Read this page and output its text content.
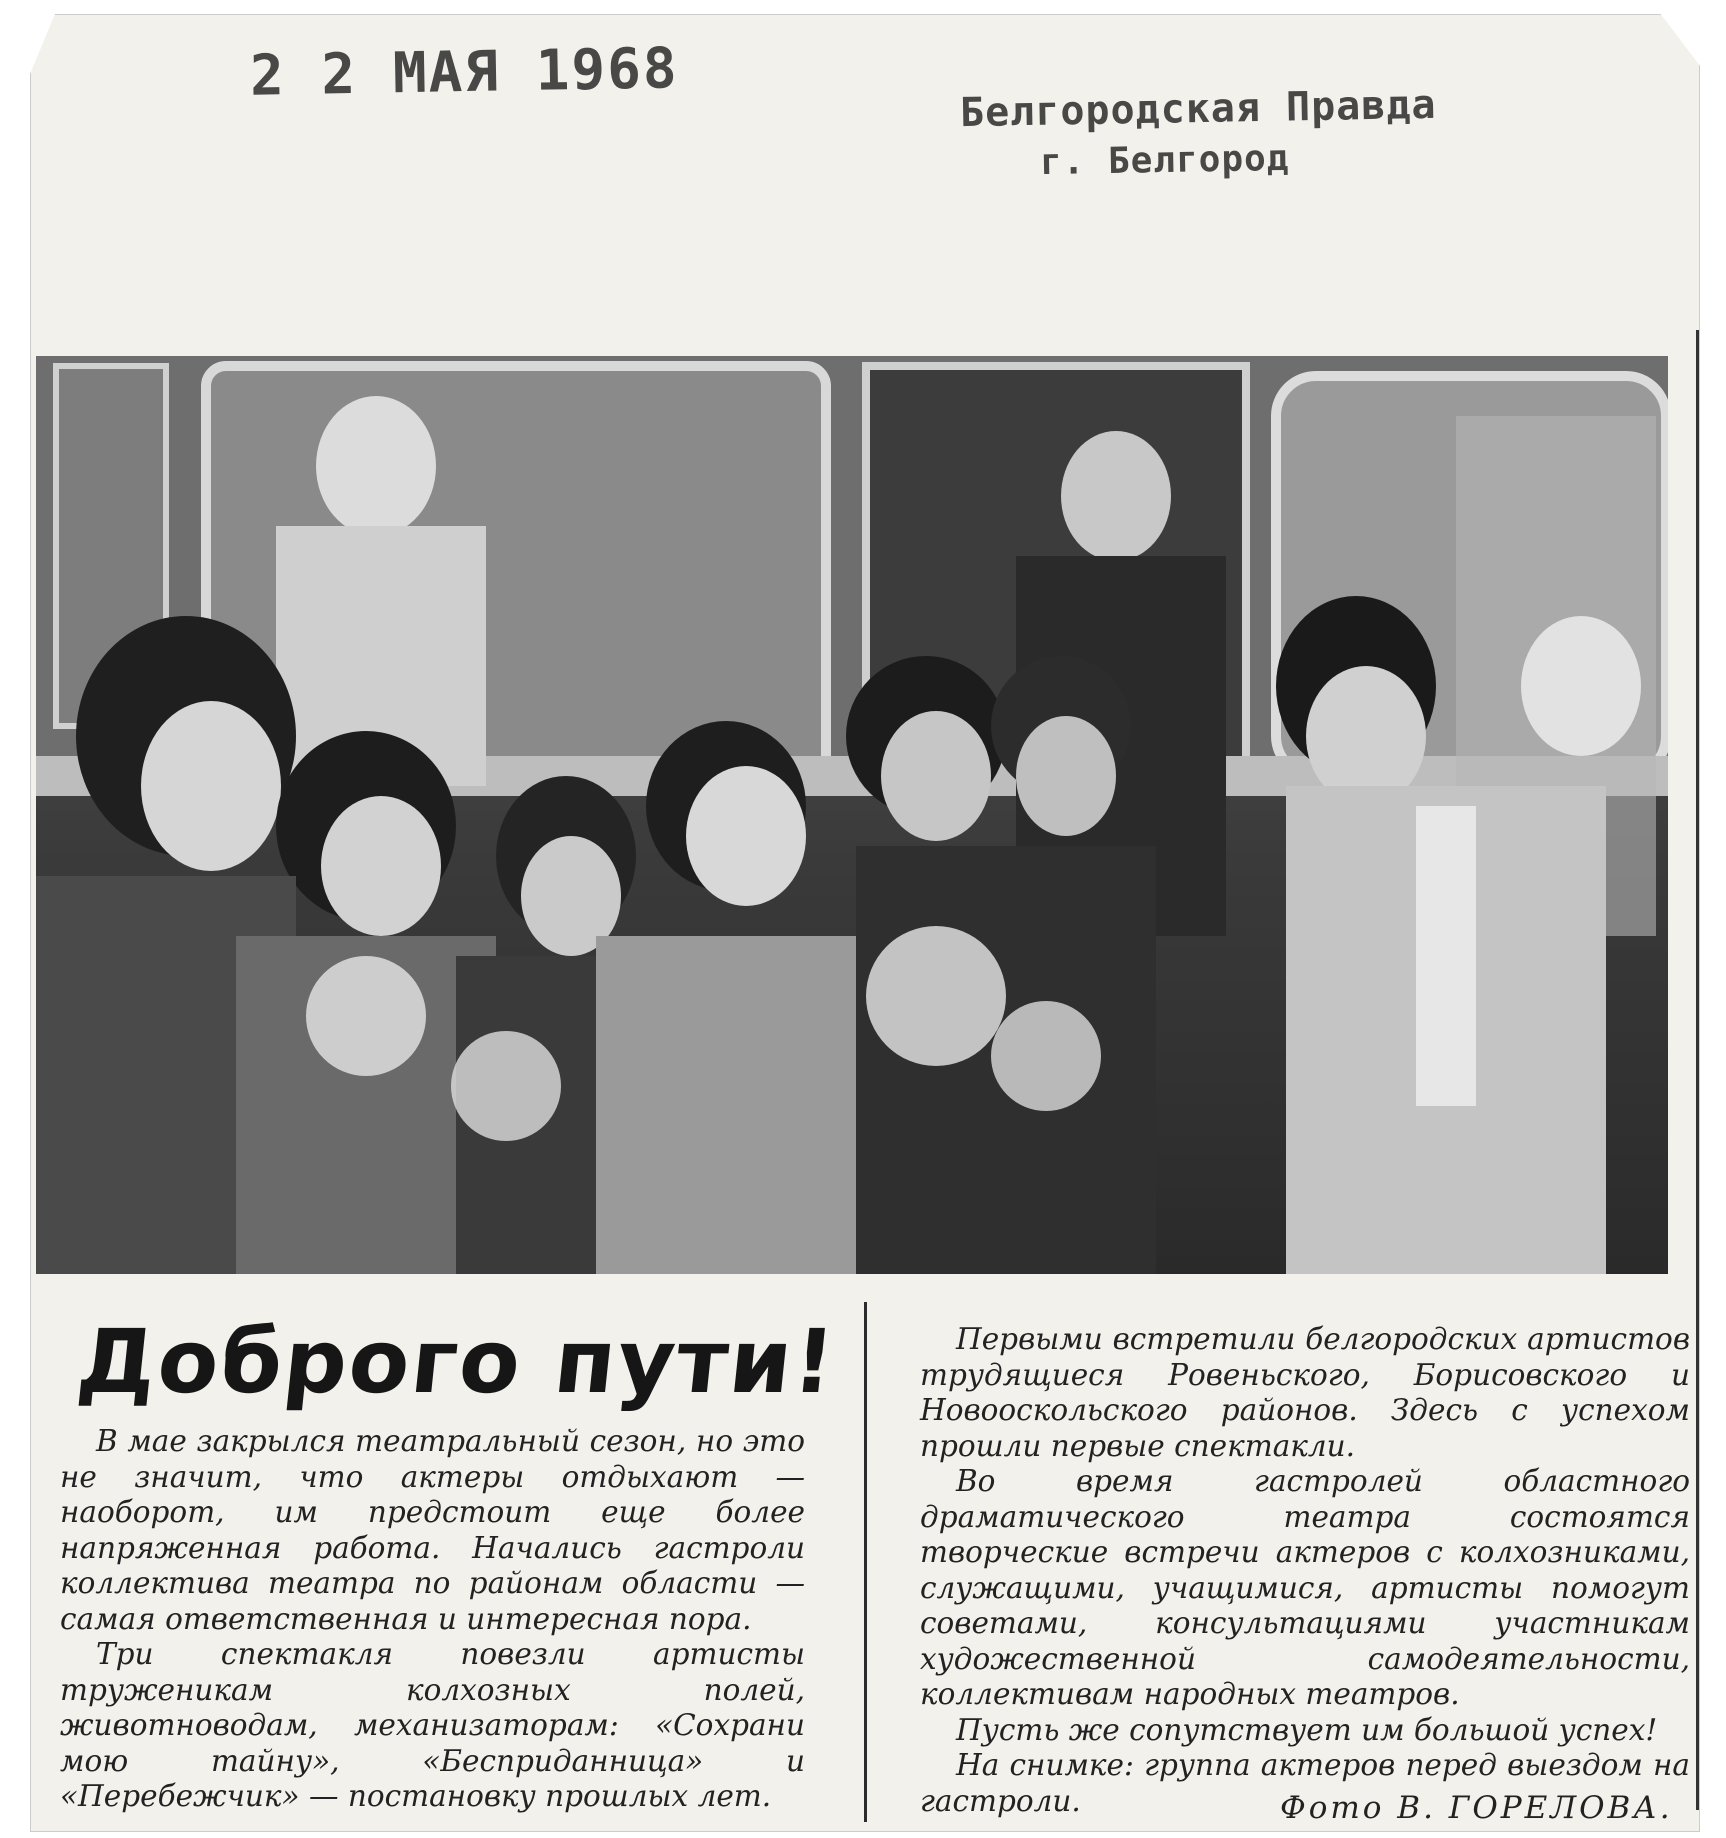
2 2 МАЯ 1968
Белгородская Правда
г. Белгород
Доброго пути!

В мае закрылся театральный сезон, но это не значит, что актеры отдыхают — наоборот, им предстоит еще более напряженная работа. Начались гастроли коллектива театра по районам области — самая ответственная и интересная пора.

Три спектакля повезли артисты труженикам колхозных полей, животноводам, механизаторам: «Сохрани мою тайну», «Бесприданница» и «Перебежчик» — постановку прошлых лет.

Первыми встретили белгородских артистов трудящиеся Ровеньского, Борисовского и Новооскольского районов. Здесь с успехом прошли первые спектакли.

Во время гастролей областного драматического театра состоятся творческие встречи актеров с колхозниками, служащими, учащимися, артисты помогут советами, консультациями участникам художественной самодеятельности, коллективам народных театров.

Пусть же сопутствует им большой успех!

На снимке: группа актеров перед выездом на гастроли.	Фото В. ГОРЕЛОВА.
